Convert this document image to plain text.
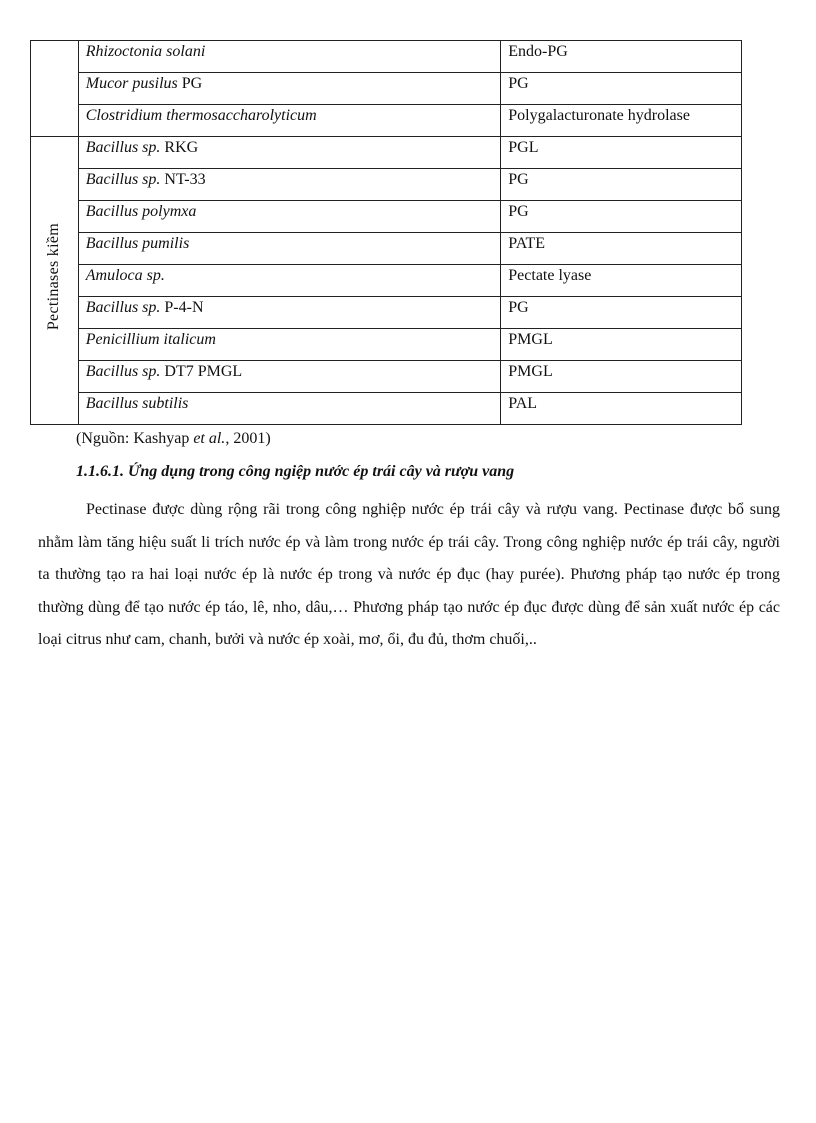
	Rhizoctonia solani	Endo-PG
	Mucor pusilus PG	PG
	Clostridium thermosaccharolyticum	Polygalacturonate hydrolase
Pectinases kiềm	Bacillus sp. RKG	PGL
	Bacillus sp. NT-33	PG
	Bacillus polymxa	PG
	Bacillus pumilis	PATE
	Amuloca sp.	Pectate lyase
	Bacillus sp. P-4-N	PG
	Penicillium italicum	PMGL
	Bacillus sp. DT7 PMGL	PMGL
	Bacillus subtilis	PAL
(Nguồn: Kashyap et al., 2001)
1.1.6.1. Ứng dụng trong công ngiệp nước ép trái cây và rượu vang

Pectinase được dùng rộng rãi trong công nghiệp nước ép trái cây và rượu vang. Pectinase được bổ sung nhằm làm tăng hiệu suất li trích nước ép và làm trong nước ép trái cây. Trong công nghiệp nước ép trái cây, người ta thường tạo ra hai loại nước ép là nước ép trong và nước ép đục (hay purée). Phương pháp tạo nước ép trong thường dùng để tạo nước ép táo, lê, nho, dâu,… Phương pháp tạo nước ép đục được dùng để sản xuất nước ép các loại citrus như cam, chanh, bưởi và nước ép xoài, mơ, ổi, đu đủ, thơm chuối,..
